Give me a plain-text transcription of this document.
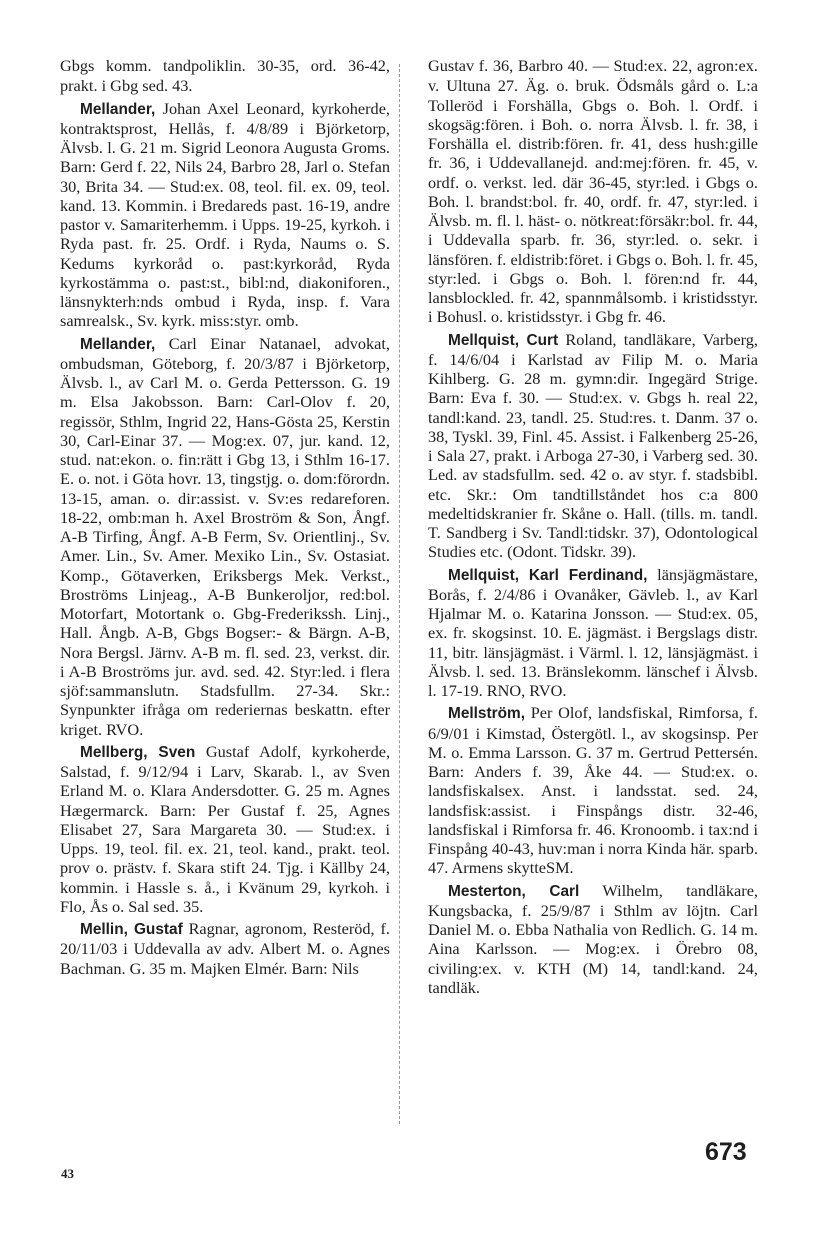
Gbgs komm. tandpoliklin. 30-35, ord. 36-42, prakt. i Gbg sed. 43.

Mellander, Johan Axel Leonard, kyrkoherde, kontraktsprost, Hellås, f. 4/8/89 i Björketorp, Älvsb. l. G. 21 m. Sigrid Leonora Augusta Groms. Barn: Gerd f. 22, Nils 24, Barbro 28, Jarl o. Stefan 30, Brita 34. — Stud:ex. 08, teol. fil. ex. 09, teol. kand. 13. Kommin. i Bredareds past. 16-19, andre pastor v. Samariterhemm. i Upps. 19-25, kyrkoh. i Ryda past. fr. 25. Ordf. i Ryda, Naums o. S. Kedums kyrkoråd o. past:kyrkoråd, Ryda kyrkostämma o. past:st., bibl:nd, diakoniforen., länsnykterh:nds ombud i Ryda, insp. f. Vara samrealsk., Sv. kyrk. miss:styr. omb.

Mellander, Carl Einar Natanael, advokat, ombudsman, Göteborg, f. 20/3/87 i Björketorp, Älvsb. l., av Carl M. o. Gerda Pettersson. G. 19 m. Elsa Jakobsson. Barn: Carl-Olov f. 20, regissör, Sthlm, Ingrid 22, Hans-Gösta 25, Kerstin 30, Carl-Einar 37. — Mog:ex. 07, jur. kand. 12, stud. nat:ekon. o. fin:rätt i Gbg 13, i Sthlm 16-17. E. o. not. i Göta hovr. 13, tingstjg. o. dom:förordn. 13-15, aman. o. dir:assist. v. Sv:es redareforen. 18-22, omb:man h. Axel Broström & Son, Ångf. A-B Tirfing, Ångf. A-B Ferm, Sv. Orientlinj., Sv. Amer. Lin., Sv. Amer. Mexiko Lin., Sv. Ostasiat. Komp., Götaverken, Eriksbergs Mek. Verkst., Broströms Linjeag., A-B Bunkeroljor, red:bol. Motorfart, Motortank o. Gbg-Frederikssh. Linj., Hall. Ångb. A-B, Gbgs Bogser:- & Bärgn. A-B, Nora Bergsl. Järnv. A-B m. fl. sed. 23, verkst. dir. i A-B Broströms jur. avd. sed. 42. Styr:led. i flera sjöf:sammanslutn. Stadsfullm. 27-34. Skr.: Synpunkter ifråga om rederiernas beskattn. efter kriget. RVO.

Mellberg, Sven Gustaf Adolf, kyrkoherde, Salstad, f. 9/12/94 i Larv, Skarab. l., av Sven Erland M. o. Klara Andersdotter. G. 25 m. Agnes Hægermarck. Barn: Per Gustaf f. 25, Agnes Elisabet 27, Sara Margareta 30. — Stud:ex. i Upps. 19, teol. fil. ex. 21, teol. kand., prakt. teol. prov o. prästv. f. Skara stift 24. Tjg. i Källby 24, kommin. i Hassle s. å., i Kvänum 29, kyrkoh. i Flo, Ås o. Sal sed. 35.

Mellin, Gustaf Ragnar, agronom, Resteröd, f. 20/11/03 i Uddevalla av adv. Albert M. o. Agnes Bachman. G. 35 m. Majken Elmér. Barn: Nils

Gustav f. 36, Barbro 40. — Stud:ex. 22, agron:ex. v. Ultuna 27. Äg. o. bruk. Ödsmåls gård o. L:a Tolleröd i Forshälla, Gbgs o. Boh. l. Ordf. i skogsäg:fören. i Boh. o. norra Älvsb. l. fr. 38, i Forshälla el. distrib:fören. fr. 41, dess hush:gille fr. 36, i Uddevallanejd. and:mej:fören. fr. 45, v. ordf. o. verkst. led. där 36-45, styr:led. i Gbgs o. Boh. l. brandst:bol. fr. 40, ordf. fr. 47, styr:led. i Älvsb. m. fl. l. häst- o. nötkreat:försäkr:bol. fr. 44, i Uddevalla sparb. fr. 36, styr:led. o. sekr. i länsfören. f. eldistrib:föret. i Gbgs o. Boh. l. fr. 45, styr:led. i Gbgs o. Boh. l. fören:nd fr. 44, lansblockled. fr. 42, spannmålsomb. i kristidsstyr. i Bohusl. o. kristidsstyr. i Gbg fr. 46.

Mellquist, Curt Roland, tandläkare, Varberg, f. 14/6/04 i Karlstad av Filip M. o. Maria Kihlberg. G. 28 m. gymn:dir. Ingegärd Strige. Barn: Eva f. 30. — Stud:ex. v. Gbgs h. real 22, tandl:kand. 23, tandl. 25. Stud:res. t. Danm. 37 o. 38, Tyskl. 39, Finl. 45. Assist. i Falkenberg 25-26, i Sala 27, prakt. i Arboga 27-30, i Varberg sed. 30. Led. av stadsfullm. sed. 42 o. av styr. f. stadsbibl. etc. Skr.: Om tandtillståndet hos c:a 800 medeltidskranier fr. Skåne o. Hall. (tills. m. tandl. T. Sandberg i Sv. Tandl:tidskr. 37), Odontological Studies etc. (Odont. Tidskr. 39).

Mellquist, Karl Ferdinand, länsjägmästare, Borås, f. 2/4/86 i Ovanåker, Gävleb. l., av Karl Hjalmar M. o. Katarina Jonsson. — Stud:ex. 05, ex. fr. skogsinst. 10. E. jägmäst. i Bergslags distr. 11, bitr. länsjägmäst. i Värml. l. 12, länsjägmäst. i Älvsb. l. sed. 13. Bränslekomm. länschef i Älvsb. l. 17-19. RNO, RVO.

Mellström, Per Olof, landsfiskal, Rimforsa, f. 6/9/01 i Kimstad, Östergötl. l., av skogsinsp. Per M. o. Emma Larsson. G. 37 m. Gertrud Pettersén. Barn: Anders f. 39, Åke 44. — Stud:ex. o. landsfiskalsex. Anst. i landsstat. sed. 24, landsfisk:assist. i Finspångs distr. 32-46, landsfiskal i Rimforsa fr. 46. Kronoomb. i tax:nd i Finspång 40-43, huv:man i norra Kinda här. sparb. 47. Armens skytteSM.

Mesterton, Carl Wilhelm, tandläkare, Kungsbacka, f. 25/9/87 i Sthlm av löjtn. Carl Daniel M. o. Ebba Nathalia von Redlich. G. 14 m. Aina Karlsson. — Mog:ex. i Örebro 08, civiling:ex. v. KTH (M) 14, tandl:kand. 24, tandläk.

43
673
